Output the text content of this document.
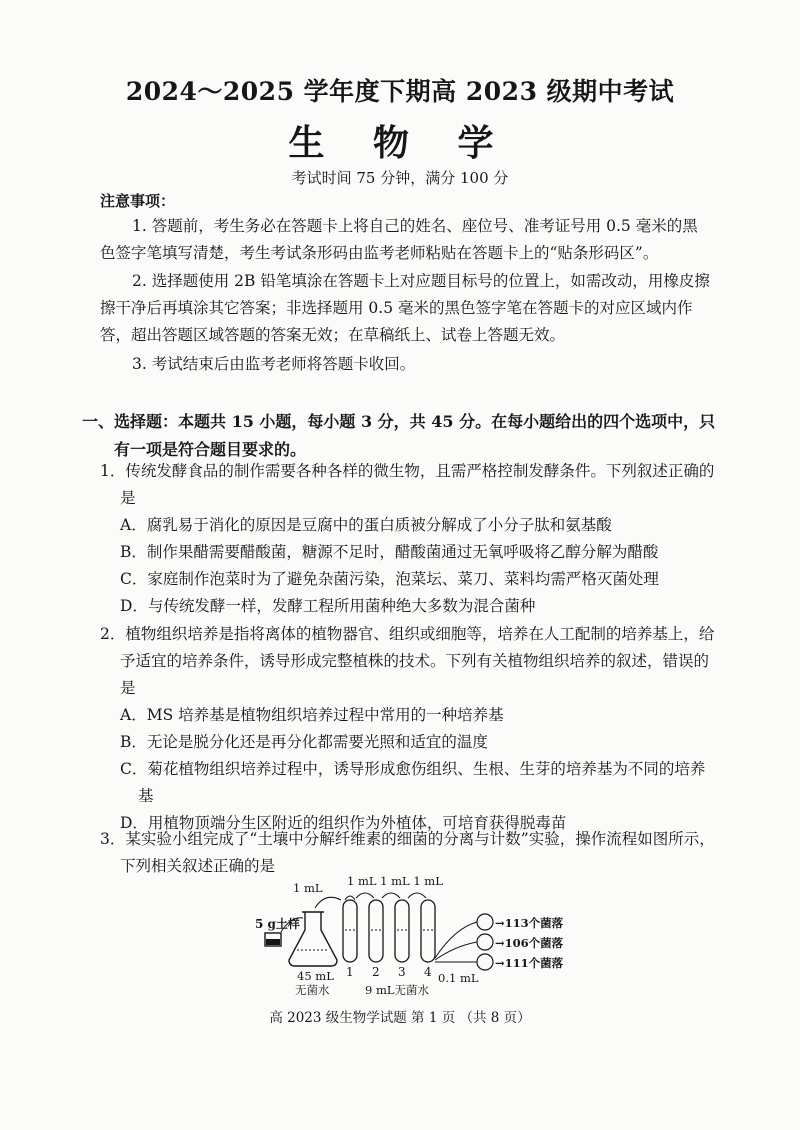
2024～2025 学年度下期高 2023 级期中考试
生 物 学
考试时间 75 分钟，满分 100 分
注意事项：

1. 答题前，考生务必在答题卡上将自己的姓名、座位号、准考证号用 0.5 毫米的黑色签字笔填写清楚，考生考试条形码由监考老师粘贴在答题卡上的“贴条形码区”。

2. 选择题使用 2B 铅笔填涂在答题卡上对应题目标号的位置上，如需改动，用橡皮擦擦干净后再填涂其它答案；非选择题用 0.5 毫米的黑色签字笔在答题卡的对应区域内作答，超出答题区域答题的答案无效；在草稿纸上、试卷上答题无效。

3. 考试结束后由监考老师将答题卡收回。

一、选择题：本题共 15 小题，每小题 3 分，共 45 分。在每小题给出的四个选项中，只
有一项是符合题目要求的。

1．传统发酵食品的制作需要各种各样的微生物，且需严格控制发酵条件。下列叙述正确的是

A．腐乳易于消化的原因是豆腐中的蛋白质被分解成了小分子肽和氨基酸

B．制作果醋需要醋酸菌，糖源不足时，醋酸菌通过无氧呼吸将乙醇分解为醋酸

C．家庭制作泡菜时为了避免杂菌污染，泡菜坛、菜刀、菜料均需严格灭菌处理

D．与传统发酵一样，发酵工程所用菌种绝大多数为混合菌种

2．植物组织培养是指将离体的植物器官、组织或细胞等，培养在人工配制的培养基上，给予适宜的培养条件，诱导形成完整植株的技术。下列有关植物组织培养的叙述，错误的是

A．MS 培养基是植物组织培养过程中常用的一种培养基

B．无论是脱分化还是再分化都需要光照和适宜的温度

C．菊花植物组织培养过程中，诱导形成愈伤组织、生根、生芽的培养基为不同的培养基

D．用植物顶端分生区附近的组织作为外植体，可培育获得脱毒苗

3．某实验小组完成了“土壤中分解纤维素的细菌的分离与计数”实验，操作流程如图所示，下列相关叙述正确的是

5 g土样
45 mL
无菌水
1 mL 1 mL 1 mL 1 mL
1 2 3 4
9 mL无菌水
0.1 mL
→113个菌落
→106个菌落
→111个菌落
高 2023 级生物学试题 第 1 页 （共 8 页）
